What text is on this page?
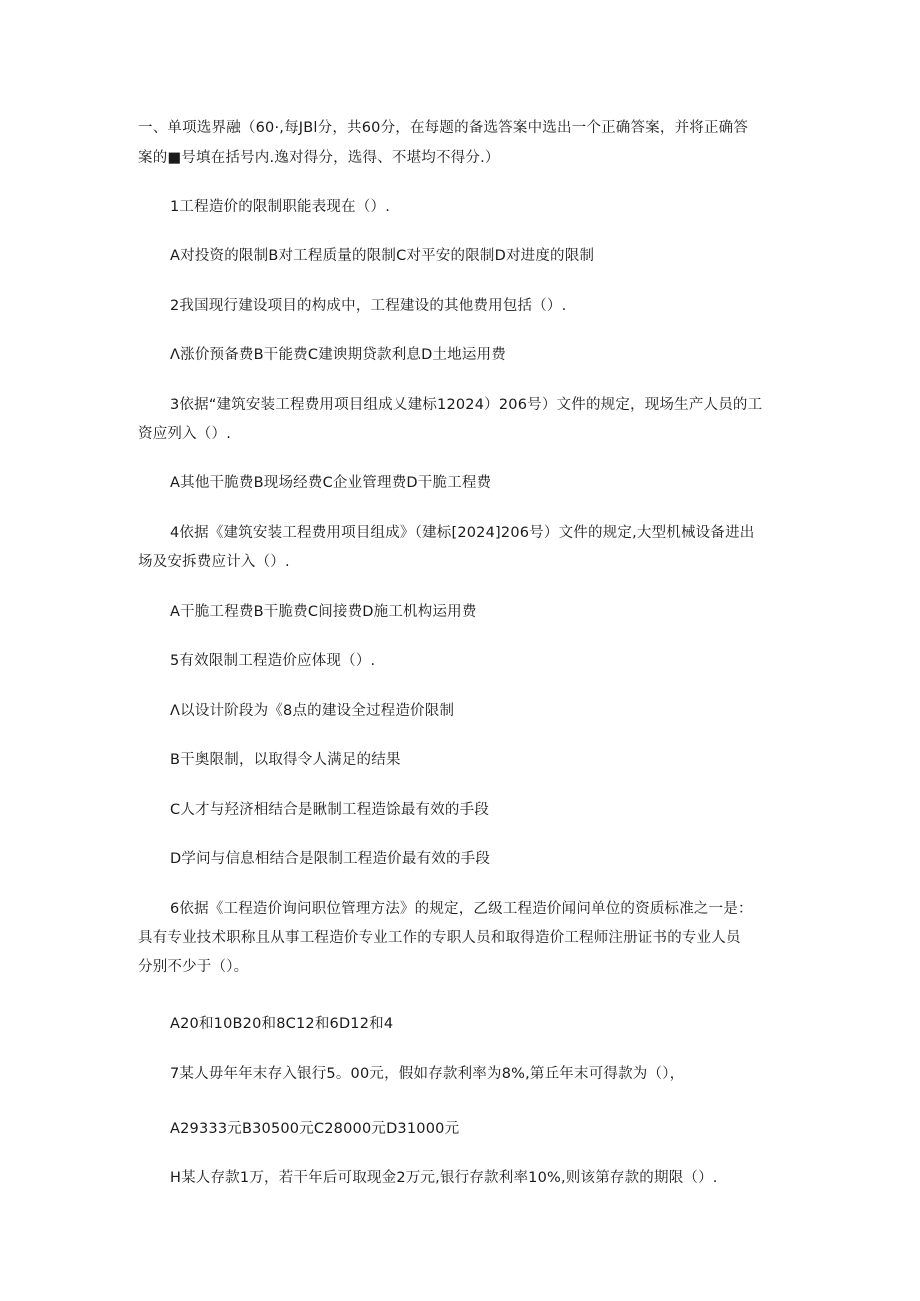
一、单项选界融（60·,每JBl分，共60分，在每题的备选答案中选出一个正确答案，并将正确答
案的■号填在括号内.逸对得分，选得、不堪均不得分.）
1工程造价的限制职能表现在（）.
A对投资的限制B对工程质量的限制C对平安的限制D对进度的限制
2我国现行建设项目的构成中，工程建设的其他费用包括（）.
Λ涨价预备费B干能费C建谀期贷款利息D土地运用费
3依据“建筑安装工程费用项目组成乂建标12024）206号）文件的规定，现场生产人员的工
资应列入（）.
A其他干脆费B现场经费C企业管理费D干脆工程费
4依据《建筑安装工程费用项目组成》（建标[2024]206号）文件的规定,大型机械设备进出
场及安拆费应计入（）.
A干脆工程费B干脆费C间接费D施工机构运用费
5有效限制工程造价应体现（）.
Λ以设计阶段为《8点的建设全过程造价限制
B干奥限制，以取得令人满足的结果
C人才与羟济相结合是瞅制工程造馀最有效的手段
D学问与信息相结合是限制工程造价最有效的手段
6依据《工程造价询问职位管理方法》的规定，乙级工程造价闻问单位的资质标准之一是：
具有专业技术职称且从事工程造价专业工作的专职人员和取得造价工程师注册证书的专业人员
分别不少于（）。
A20和10B20和8C12和6D12和4
7某人毋年年末存入银行5。00元，假如存款利率为8%,第丘年末可得款为（），
A29333元B30500元C28000元D31000元
H某人存款1万，若干年后可取现金2万元,银行存款利率10%,则该第存款的期限（）.
